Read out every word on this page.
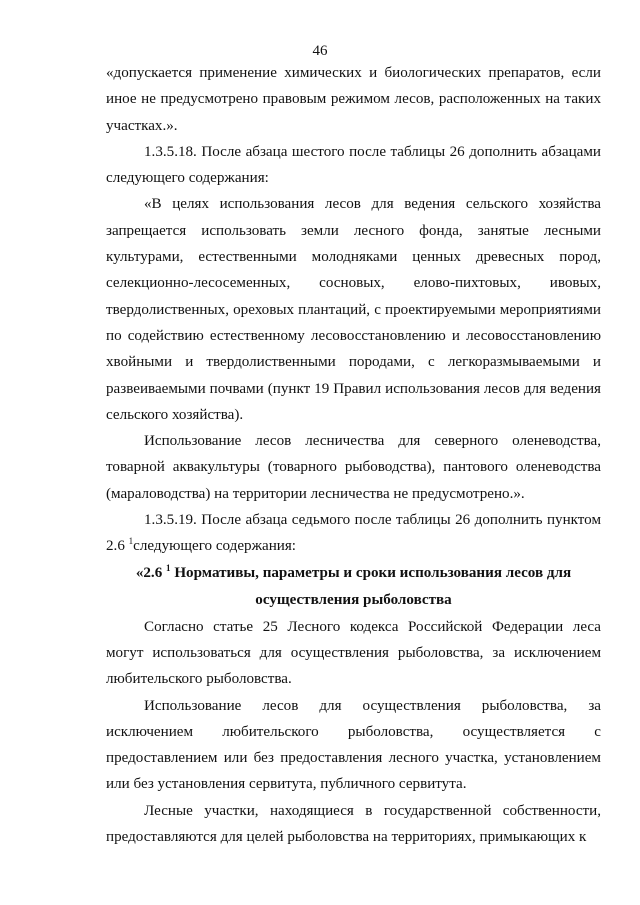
46

«допускается применение химических и биологических препаратов, если иное не предусмотрено правовым режимом лесов, расположенных на таких участках.».

1.3.5.18. После абзаца шестого после таблицы 26 дополнить абзацами следующего содержания:

«В целях использования лесов для ведения сельского хозяйства запрещается использовать земли лесного фонда, занятые лесными культурами, естественными молодняками ценных древесных пород, селекционно-лесосеменных, сосновых, елово-пихтовых, ивовых, твердолиственных, ореховых плантаций, с проектируемыми мероприятиями по содействию естественному лесовосстановлению и лесовосстановлению хвойными и твердолиственными породами, с легкоразмываемыми и развеиваемыми почвами (пункт 19 Правил использования лесов для ведения сельского хозяйства).

Использование лесов лесничества для северного оленеводства, товарной аквакультуры (товарного рыбоводства), пантового оленеводства (мараловодства) на территории лесничества не предусмотрено.».

1.3.5.19. После абзаца седьмого после таблицы 26 дополнить пунктом 2.6 $^1$следующего содержания:

«2.6 $^1$ Нормативы, параметры и сроки использования лесов для
осуществления рыболовства

Согласно статье 25 Лесного кодекса Российской Федерации леса могут использоваться для осуществления рыболовства, за исключением любительского рыболовства.

Использование лесов для осуществления рыболовства, за исключением любительского рыболовства, осуществляется с предоставлением или без предоставления лесного участка, установлением или без установления сервитута, публичного сервитута.

Лесные участки, находящиеся в государственной собственности, предоставляются для целей рыболовства на территориях, примыкающих к
